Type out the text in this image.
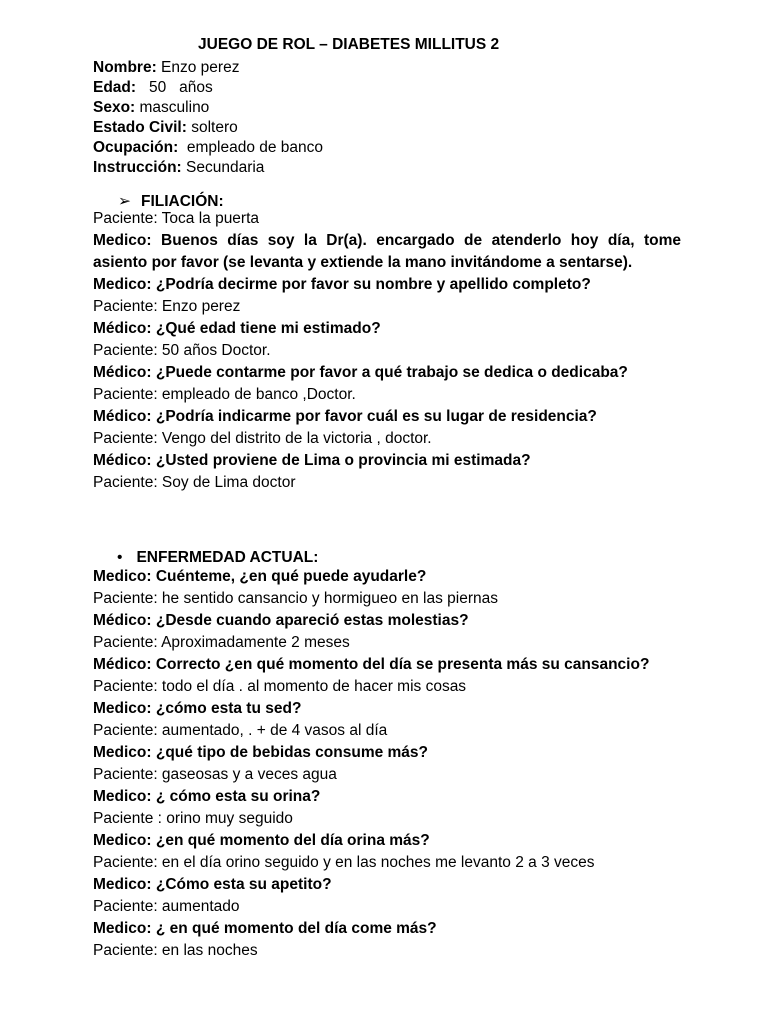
JUEGO DE ROL – DIABETES MILLITUS 2
Nombre: Enzo perez
Edad:   50   años
Sexo: masculino
Estado Civil: soltero
Ocupación:  empleado de banco
Instrucción: Secundaria
➢ FILIACIÓN:
Paciente: Toca la puerta
Medico: Buenos días soy la Dr(a). encargado de atenderlo hoy día, tome asiento por favor (se levanta y extiende la mano invitándome a sentarse).
Medico: ¿Podría decirme por favor su nombre y apellido completo?
Paciente: Enzo perez
Médico: ¿Qué edad tiene mi estimado?
Paciente: 50 años Doctor.
Médico: ¿Puede contarme por favor a qué trabajo se dedica o dedicaba?
Paciente: empleado de banco ,Doctor.
Médico: ¿Podría indicarme por favor cuál es su lugar de residencia?
Paciente: Vengo del distrito de la victoria , doctor.
Médico: ¿Usted proviene de Lima o provincia mi estimada?
Paciente: Soy de Lima doctor
• ENFERMEDAD ACTUAL:
Medico: Cuénteme, ¿en qué puede ayudarle?
Paciente: he sentido cansancio y hormigueo en las piernas
Médico: ¿Desde cuando apareció estas molestias?
Paciente: Aproximadamente 2 meses
Médico: Correcto ¿en qué momento del día se presenta más su cansancio?
Paciente: todo el día . al momento de hacer mis cosas
Medico: ¿cómo esta tu sed?
Paciente: aumentado, . + de 4 vasos al día
Medico: ¿qué tipo de bebidas consume más?
Paciente: gaseosas y a veces agua
Medico: ¿ cómo esta su orina?
Paciente : orino muy seguido
Medico: ¿en qué momento del día orina más?
Paciente: en el día orino seguido y en las noches me levanto 2 a 3 veces
Medico: ¿Cómo esta su apetito?
Paciente: aumentado
Medico: ¿ en qué momento del día come más?
Paciente: en las noches
